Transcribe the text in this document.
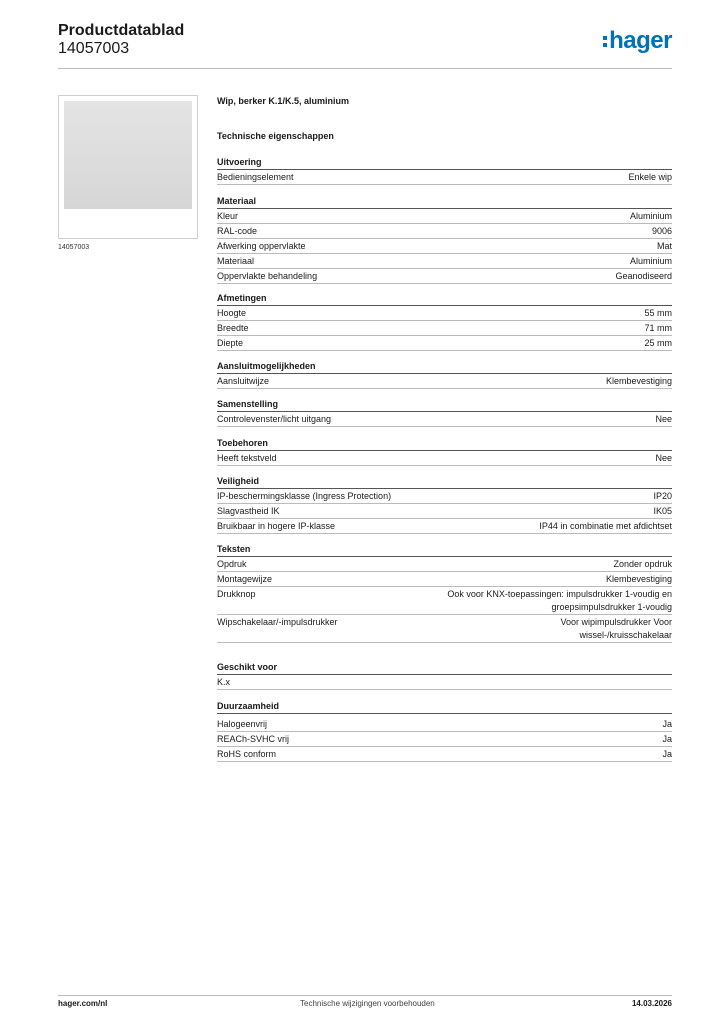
Productdatablad
14057003	hager
14057003
Wip, berker K.1/K.5, aluminium
Technische eigenschappen
Uitvoering
Bedieningselement	Enkele wip
Materiaal
Kleur	Aluminium
RAL-code	9006
Afwerking oppervlakte	Mat
Materiaal	Aluminium
Oppervlakte behandeling	Geanodiseerd
Afmetingen
Hoogte	55 mm
Breedte	71 mm
Diepte	25 mm
Aansluitmogelijkheden
Aansluitwijze	Klembevestiging
Samenstelling
Controlevenster/licht uitgang	Nee
Toebehoren
Heeft tekstveld	Nee
Veiligheid
IP-beschermingsklasse (Ingress Protection)	IP20
Slagvastheid IK	IK05
Bruikbaar in hogere IP-klasse	IP44 in combinatie met afdichtset
Teksten
Opdruk	Zonder opdruk
Montagewijze	Klembevestiging
Drukknop	Ook voor KNX-toepassingen: impulsdrukker 1-voudig en groepsimpulsdrukker 1-voudig
Wipschakelaar/-impulsdrukker	Voor wipimpulsdrukker Voor wissel-/kruisschakelaar
Geschikt voor
K.x
Duurzaamheid
Halogeenvrij	Ja
REACh-SVHC vrij	Ja
RoHS conform	Ja
hager.com/nl	Technische wijzigingen voorbehouden	14.03.2026
